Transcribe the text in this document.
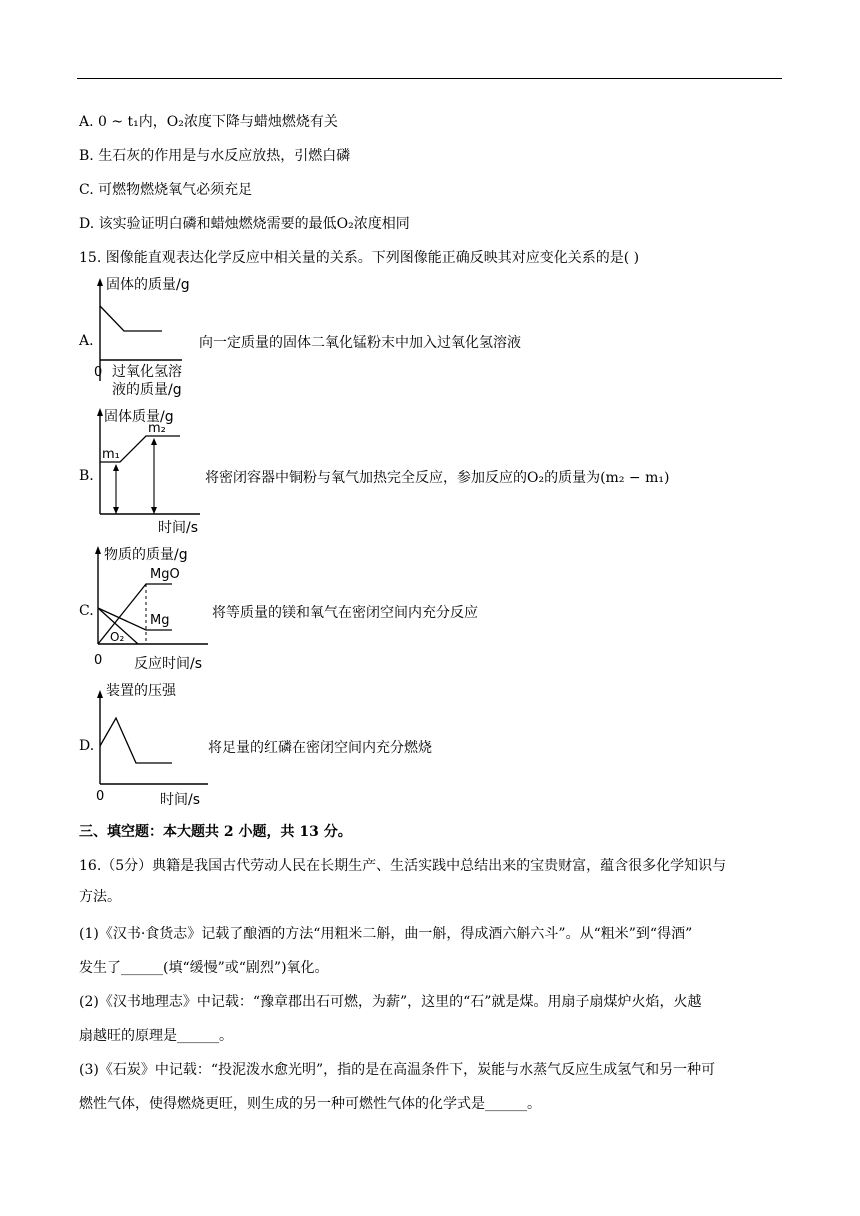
A. 0 ~ t₁内，O₂浓度下降与蜡烛燃烧有关
B. 生石灰的作用是与水反应放热，引燃白磷
C. 可燃物燃烧氧气必须充足
D. 该实验证明白磷和蜡烛燃烧需要的最低O₂浓度相同
15. 图像能直观表达化学反应中相关量的关系。下列图像能正确反映其对应变化关系的是( )
A.
固体的质量/g
0 过氧化氢溶
液的质量/g
向一定质量的固体二氧化锰粉末中加入过氧化氢溶液
B.
固体质量/g
m₁
m₂
时间/s
将密闭容器中铜粉与氧气加热完全反应，参加反应的O₂的质量为(m₂ − m₁)
C.
物质的质量/g
MgO
Mg
O₂
0 反应时间/s
将等质量的镁和氧气在密闭空间内充分反应
D.
装置的压强
0	时间/s
将足量的红磷在密闭空间内充分燃烧
三、填空题：本大题共 2 小题，共 13 分。
16.（5分）典籍是我国古代劳动人民在长期生产、生活实践中总结出来的宝贵财富，蕴含很多化学知识与
方法。
(1)《汉书·食货志》记载了酿酒的方法“用粗米二斛，曲一斛，得成酒六斛六斗”。从“粗米”到“得酒”
发生了______(填“缓慢”或“剧烈”)氧化。
(2)《汉书地理志》中记载：“豫章郡出石可燃，为薪”，这里的“石”就是煤。用扇子扇煤炉火焰，火越
扇越旺的原理是______。
(3)《石炭》中记载：“投泥泼水愈光明”，指的是在高温条件下，炭能与水蒸气反应生成氢气和另一种可
燃性气体，使得燃烧更旺，则生成的另一种可燃性气体的化学式是______。
